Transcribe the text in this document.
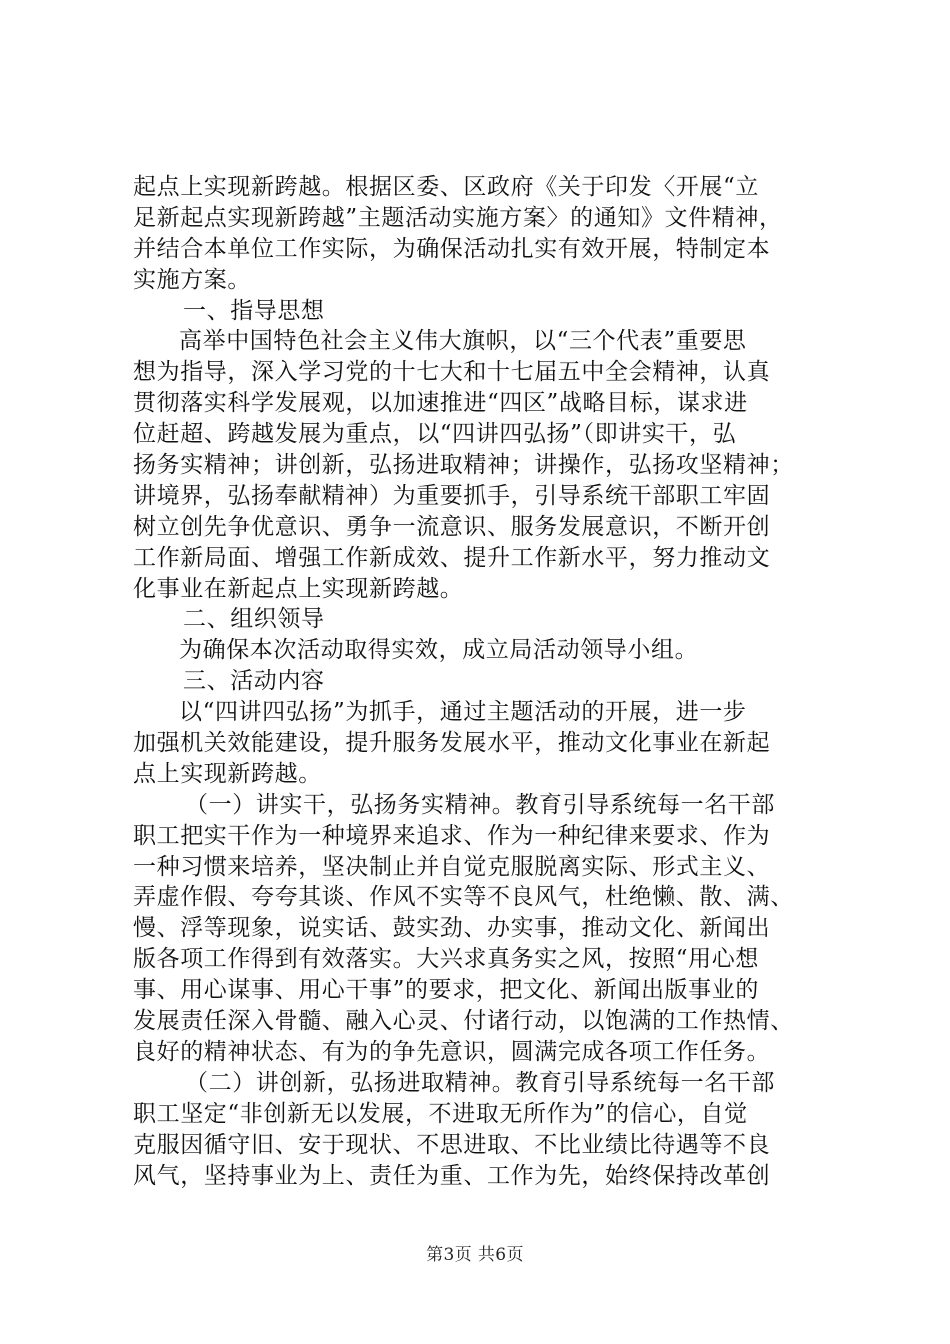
起点上实现新跨越。根据区委、区政府《关于印发〈开展“立
足新起点实现新跨越”主题活动实施方案〉的通知》文件精神，
并结合本单位工作实际，为确保活动扎实有效开展，特制定本
实施方案。
一、指导思想
高举中国特色社会主义伟大旗帜，以“三个代表”重要思
想为指导，深入学习党的十七大和十七届五中全会精神，认真
贯彻落实科学发展观，以加速推进“四区”战略目标，谋求进
位赶超、跨越发展为重点，以“四讲四弘扬”（即讲实干，弘
扬务实精神；讲创新，弘扬进取精神；讲操作，弘扬攻坚精神；
讲境界，弘扬奉献精神）为重要抓手，引导系统干部职工牢固
树立创先争优意识、勇争一流意识、服务发展意识，不断开创
工作新局面、增强工作新成效、提升工作新水平，努力推动文
化事业在新起点上实现新跨越。
二、组织领导
为确保本次活动取得实效，成立局活动领导小组。
三、活动内容
以“四讲四弘扬”为抓手，通过主题活动的开展，进一步
加强机关效能建设，提升服务发展水平，推动文化事业在新起
点上实现新跨越。
（一）讲实干，弘扬务实精神。教育引导系统每一名干部
职工把实干作为一种境界来追求、作为一种纪律来要求、作为
一种习惯来培养，坚决制止并自觉克服脱离实际、形式主义、
弄虚作假、夸夸其谈、作风不实等不良风气，杜绝懒、散、满、
慢、浮等现象，说实话、鼓实劲、办实事，推动文化、新闻出
版各项工作得到有效落实。大兴求真务实之风，按照“用心想
事、用心谋事、用心干事”的要求，把文化、新闻出版事业的
发展责任深入骨髓、融入心灵、付诸行动，以饱满的工作热情、
良好的精神状态、有为的争先意识，圆满完成各项工作任务。
（二）讲创新，弘扬进取精神。教育引导系统每一名干部
职工坚定“非创新无以发展，不进取无所作为”的信心，自觉
克服因循守旧、安于现状、不思进取、不比业绩比待遇等不良
风气，坚持事业为上、责任为重、工作为先，始终保持改革创
第3页 共6页
